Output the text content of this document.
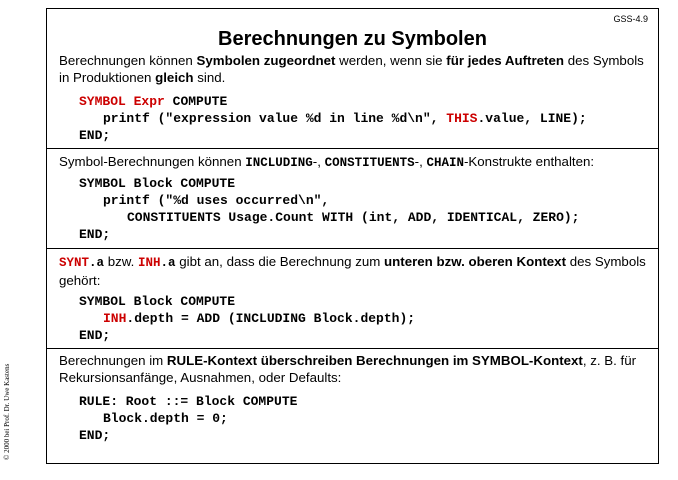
GSS-4.9
Berechnungen zu Symbolen
Berechnungen können Symbolen zugeordnet werden, wenn sie für jedes Auftreten des Symbols in Produktionen gleich sind.
SYMBOL Expr COMPUTE
printf ("expression value %d in line %d\n", THIS.value, LINE);
END;
Symbol-Berechnungen können INCLUDING-, CONSTITUENTS-, CHAIN-Konstrukte enthalten:
SYMBOL Block COMPUTE
printf ("%d uses occurred\n",
CONSTITUENTS Usage.Count WITH (int, ADD, IDENTICAL, ZERO);
END;
SYNT.a bzw. INH.a gibt an, dass die Berechnung zum unteren bzw. oberen Kontext des Symbols gehört:
SYMBOL Block COMPUTE
INH.depth = ADD (INCLUDING Block.depth);
END;
Berechnungen im RULE-Kontext überschreiben Berechnungen im SYMBOL-Kontext, z. B. für Rekursionsanfänge, Ausnahmen, oder Defaults:
RULE: Root ::= Block COMPUTE
Block.depth = 0;
END;
© 2000 bei Prof. Dr. Uwe Kastens
